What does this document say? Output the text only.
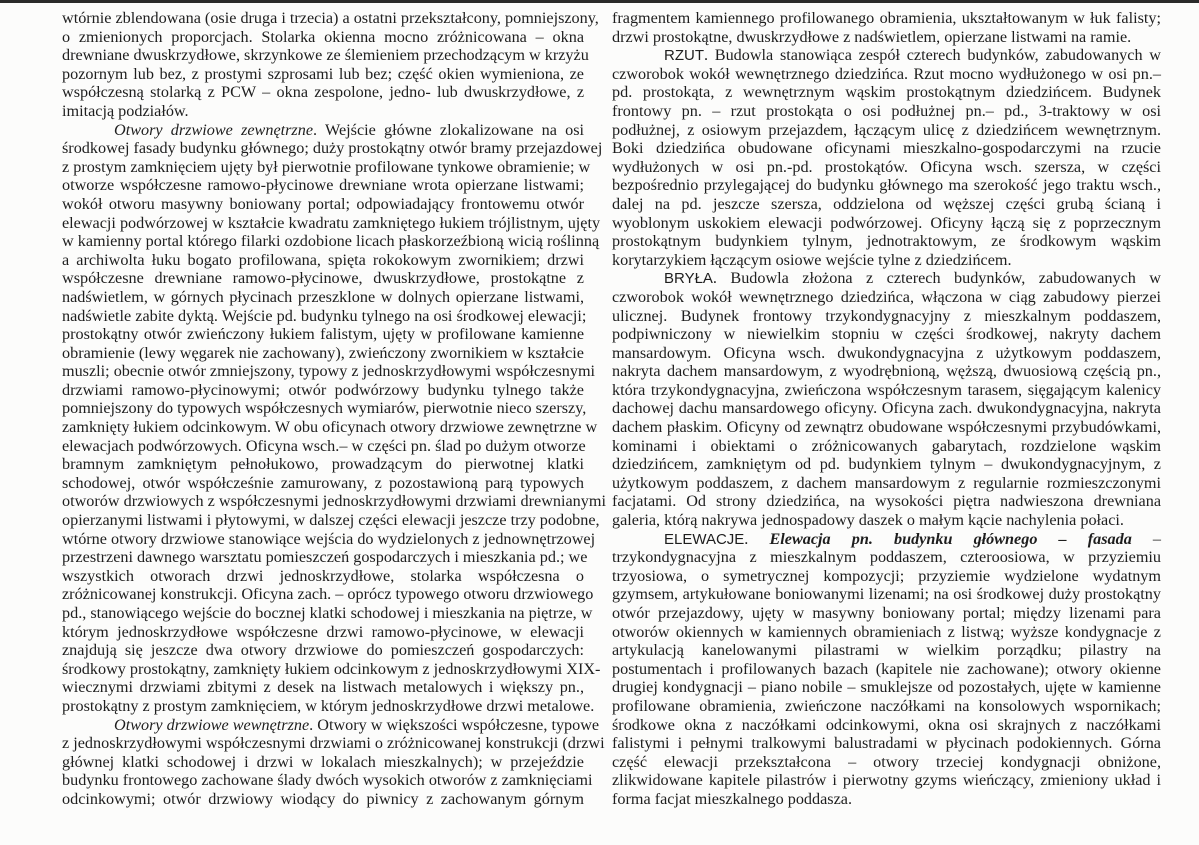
wtórnie zblendowana (osie druga i trzecia) a ostatni przekształcony, pomniejszony,
o zmienionych proporcjach. Stolarka okienna mocno zróżnicowana – okna
drewniane dwuskrzydłowe, skrzynkowe ze ślemieniem przechodzącym w krzyżu
pozornym lub bez, z prostymi szprosami lub bez; część okien wymieniona, ze
współczesną stolarką z PCW – okna zespolone, jedno- lub dwuskrzydłowe, z
imitacją podziałów.
Otwory drzwiowe zewnętrzne. Wejście główne zlokalizowane na osi
środkowej fasady budynku głównego; duży prostokątny otwór bramy przejazdowej
z prostym zamknięciem ujęty był pierwotnie profilowane tynkowe obramienie; w
otworze współczesne ramowo-płycinowe drewniane wrota opierzane listwami;
wokół otworu masywny boniowany portal; odpowiadający frontowemu otwór
elewacji podwórzowej w kształcie kwadratu zamkniętego łukiem trójlistnym, ujęty
w kamienny portal którego filarki ozdobione licach płaskorzeźbioną wicią roślinną
a archiwolta łuku bogato profilowana, spięta rokokowym zwornikiem; drzwi
współczesne drewniane ramowo-płycinowe, dwuskrzydłowe, prostokątne z
nadświetlem, w górnych płycinach przeszklone w dolnych opierzane listwami,
nadświetle zabite dyktą. Wejście pd. budynku tylnego na osi środkowej elewacji;
prostokątny otwór zwieńczony łukiem falistym, ujęty w profilowane kamienne
obramienie (lewy węgarek nie zachowany), zwieńczony zwornikiem w kształcie
muszli; obecnie otwór zmniejszony, typowy z jednoskrzydłowymi współczesnymi
drzwiami ramowo-płycinowymi; otwór podwórzowy budynku tylnego także
pomniejszony do typowych współczesnych wymiarów, pierwotnie nieco szerszy,
zamknięty łukiem odcinkowym. W obu oficynach otwory drzwiowe zewnętrzne w
elewacjach podwórzowych. Oficyna wsch.– w części pn. ślad po dużym otworze
bramnym zamkniętym pełnołukowo, prowadzącym do pierwotnej klatki
schodowej, otwór współcześnie zamurowany, z pozostawioną parą typowych
otworów drzwiowych z współczesnymi jednoskrzydłowymi drzwiami drewnianymi
opierzanymi listwami i płytowymi, w dalszej części elewacji jeszcze trzy podobne,
wtórne otwory drzwiowe stanowiące wejścia do wydzielonych z jednownętrzowej
przestrzeni dawnego warsztatu pomieszczeń gospodarczych i mieszkania pd.; we
wszystkich otworach drzwi jednoskrzydłowe, stolarka współczesna o
zróżnicowanej konstrukcji. Oficyna zach. – oprócz typowego otworu drzwiowego
pd., stanowiącego wejście do bocznej klatki schodowej i mieszkania na piętrze, w
którym jednoskrzydłowe współczesne drzwi ramowo-płycinowe, w elewacji
znajdują się jeszcze dwa otwory drzwiowe do pomieszczeń gospodarczych:
środkowy prostokątny, zamknięty łukiem odcinkowym z jednoskrzydłowymi XIX-
wiecznymi drzwiami zbitymi z desek na listwach metalowych i większy pn.,
prostokątny z prostym zamknięciem, w którym jednoskrzydłowe drzwi metalowe.
Otwory drzwiowe wewnętrzne. Otwory w większości współczesne, typowe
z jednoskrzydłowymi współczesnymi drzwiami o zróżnicowanej konstrukcji (drzwi
głównej klatki schodowej i drzwi w lokalach mieszkalnych); w przejeździe
budynku frontowego zachowane ślady dwóch wysokich otworów z zamknięciami
odcinkowymi; otwór drzwiowy wiodący do piwnicy z zachowanym górnym
fragmentem kamiennego profilowanego obramienia, ukształtowanym w łuk falisty;
drzwi prostokątne, dwuskrzydłowe z nadświetlem, opierzane listwami na ramie.
RZUT. Budowla stanowiąca zespół czterech budynków, zabudowanych w
czworobok wokół wewnętrznego dziedzińca. Rzut mocno wydłużonego w osi pn.–
pd. prostokąta, z wewnętrznym wąskim prostokątnym dziedzińcem. Budynek
frontowy pn. – rzut prostokąta o osi podłużnej pn.– pd., 3-traktowy w osi
podłużnej, z osiowym przejazdem, łączącym ulicę z dziedzińcem wewnętrznym.
Boki dziedzińca obudowane oficynami mieszkalno-gospodarczymi na rzucie
wydłużonych w osi pn.-pd. prostokątów. Oficyna wsch. szersza, w części
bezpośrednio przylegającej do budynku głównego ma szerokość jego traktu wsch.,
dalej na pd. jeszcze szersza, oddzielona od węższej części grubą ścianą i
wyoblonym uskokiem elewacji podwórzowej. Oficyny łączą się z poprzecznym
prostokątnym budynkiem tylnym, jednotraktowym, ze środkowym wąskim
korytarzykiem łączącym osiowe wejście tylne z dziedzińcem.
BRYŁA. Budowla złożona z czterech budynków, zabudowanych w
czworobok wokół wewnętrznego dziedzińca, włączona w ciąg zabudowy pierzei
ulicznej. Budynek frontowy trzykondygnacyjny z mieszkalnym poddaszem,
podpiwniczony w niewielkim stopniu w części środkowej, nakryty dachem
mansardowym. Oficyna wsch. dwukondygnacyjna z użytkowym poddaszem,
nakryta dachem mansardowym, z wyodrębnioną, węższą, dwuosiową częścią pn.,
która trzykondygnacyjna, zwieńczona współczesnym tarasem, sięgającym kalenicy
dachowej dachu mansardowego oficyny. Oficyna zach. dwukondygnacyjna, nakryta
dachem płaskim. Oficyny od zewnątrz obudowane współczesnymi przybudówkami,
kominami i obiektami o zróżnicowanych gabarytach, rozdzielone wąskim
dziedzińcem, zamkniętym od pd. budynkiem tylnym – dwukondygnacyjnym, z
użytkowym poddaszem, z dachem mansardowym z regularnie rozmieszczonymi
facjatami. Od strony dziedzińca, na wysokości piętra nadwieszona drewniana
galeria, którą nakrywa jednospadowy daszek o małym kącie nachylenia połaci.
ELEWACJE. Elewacja pn. budynku głównego – fasada –
trzykondygnacyjna z mieszkalnym poddaszem, czteroosiowa, w przyziemiu
trzyosiowa, o symetrycznej kompozycji; przyziemie wydzielone wydatnym
gzymsem, artykułowane boniowanymi lizenami; na osi środkowej duży prostokątny
otwór przejazdowy, ujęty w masywny boniowany portal; między lizenami para
otworów okiennych w kamiennych obramieniach z listwą; wyższe kondygnacje z
artykulacją kanelowanymi pilastrami w wielkim porządku; pilastry na
postumentach i profilowanych bazach (kapitele nie zachowane); otwory okienne
drugiej kondygnacji – piano nobile – smuklejsze od pozostałych, ujęte w kamienne
profilowane obramienia, zwieńczone naczółkami na konsolowych wspornikach;
środkowe okna z naczółkami odcinkowymi, okna osi skrajnych z naczółkami
falistymi i pełnymi tralkowymi balustradami w płycinach podokiennych. Górna
część elewacji przekształcona – otwory trzeciej kondygnacji obniżone,
zlikwidowane kapitele pilastrów i pierwotny gzyms wieńczący, zmieniony układ i
forma facjat mieszkalnego poddasza.
